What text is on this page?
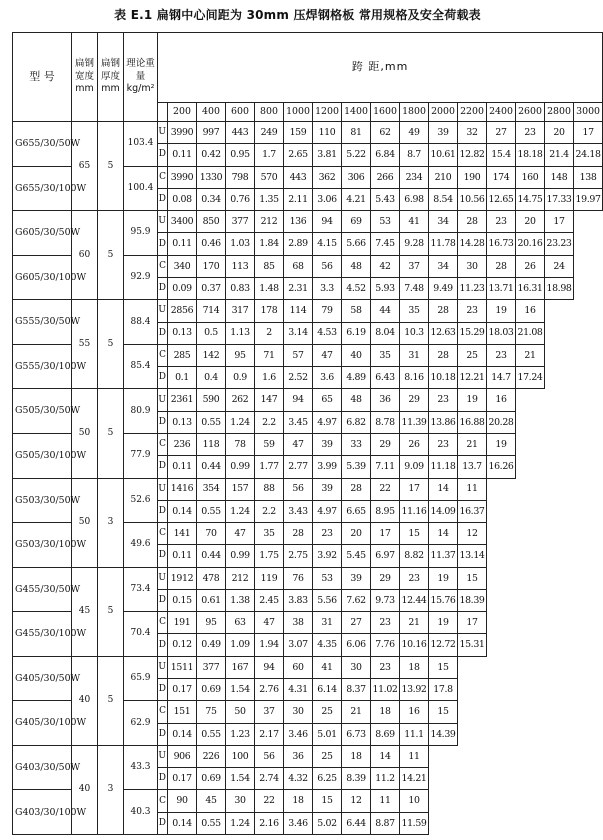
表 E.1 扁钢中心间距为 30mm 压焊钢格板 常用规格及安全荷载表
型 号	扁钢宽度mm	扁钢厚度mm	理论重量kg/m²	跨 距,mm															
					200	400	600	800	1000	1200	1400	1600	1800	2000	2200	2400	2600	2800	3000
G655/30/50W	65	5	103.4	U	3990	997	443	249	159	110	81	62	49	39	32	27	23	20	17
				D	0.11	0.42	0.95	1.7	2.65	3.81	5.22	6.84	8.7	10.61	12.82	15.4	18.18	21.4	24.18
G655/30/100W			100.4	C	3990	1330	798	570	443	362	306	266	234	210	190	174	160	148	138
				D	0.08	0.34	0.76	1.35	2.11	3.06	4.21	5.43	6.98	8.54	10.56	12.65	14.75	17.33	19.97
G605/30/50W	60	5	95.9	U	3400	850	377	212	136	94	69	53	41	34	28	23	20	17	
				D	0.11	0.46	1.03	1.84	2.89	4.15	5.66	7.45	9.28	11.78	14.28	16.73	20.16	23.23	
G605/30/100W			92.9	C	340	170	113	85	68	56	48	42	37	34	30	28	26	24	
				D	0.09	0.37	0.83	1.48	2.31	3.3	4.52	5.93	7.48	9.49	11.23	13.71	16.31	18.98	
G555/30/50W	55	5	88.4	U	2856	714	317	178	114	79	58	44	35	28	23	19	16		
				D	0.13	0.5	1.13	2	3.14	4.53	6.19	8.04	10.3	12.63	15.29	18.03	21.08		
G555/30/100W			85.4	C	285	142	95	71	57	47	40	35	31	28	25	23	21		
				D	0.1	0.4	0.9	1.6	2.52	3.6	4.89	6.43	8.16	10.18	12.21	14.7	17.24		
G505/30/50W	50	5	80.9	U	2361	590	262	147	94	65	48	36	29	23	19	16			
				D	0.13	0.55	1.24	2.2	3.45	4.97	6.82	8.78	11.39	13.86	16.88	20.28			
G505/30/100W			77.9	C	236	118	78	59	47	39	33	29	26	23	21	19			
				D	0.11	0.44	0.99	1.77	2.77	3.99	5.39	7.11	9.09	11.18	13.7	16.26			
G503/30/50W	50	3	52.6	U	1416	354	157	88	56	39	28	22	17	14	11				
				D	0.14	0.55	1.24	2.2	3.43	4.97	6.65	8.95	11.16	14.09	16.37				
G503/30/100W			49.6	C	141	70	47	35	28	23	20	17	15	14	12				
				D	0.11	0.44	0.99	1.75	2.75	3.92	5.45	6.97	8.82	11.37	13.14				
G455/30/50W	45	5	73.4	U	1912	478	212	119	76	53	39	29	23	19	15				
				D	0.15	0.61	1.38	2.45	3.83	5.56	7.62	9.73	12.44	15.76	18.39				
G455/30/100W			70.4	C	191	95	63	47	38	31	27	23	21	19	17				
				D	0.12	0.49	1.09	1.94	3.07	4.35	6.06	7.76	10.16	12.72	15.31				
G405/30/50W	40	5	65.9	U	1511	377	167	94	60	41	30	23	18	15					
				D	0.17	0.69	1.54	2.76	4.31	6.14	8.37	11.02	13.92	17.8					
G405/30/100W			62.9	C	151	75	50	37	30	25	21	18	16	15					
				D	0.14	0.55	1.23	2.17	3.46	5.01	6.73	8.69	11.1	14.39					
G403/30/50W	40	3	43.3	U	906	226	100	56	36	25	18	14	11						
				D	0.17	0.69	1.54	2.74	4.32	6.25	8.39	11.2	14.21						
G403/30/100W			40.3	C	90	45	30	22	18	15	12	11	10						
				D	0.14	0.55	1.24	2.16	3.46	5.02	6.44	8.87	11.59						
